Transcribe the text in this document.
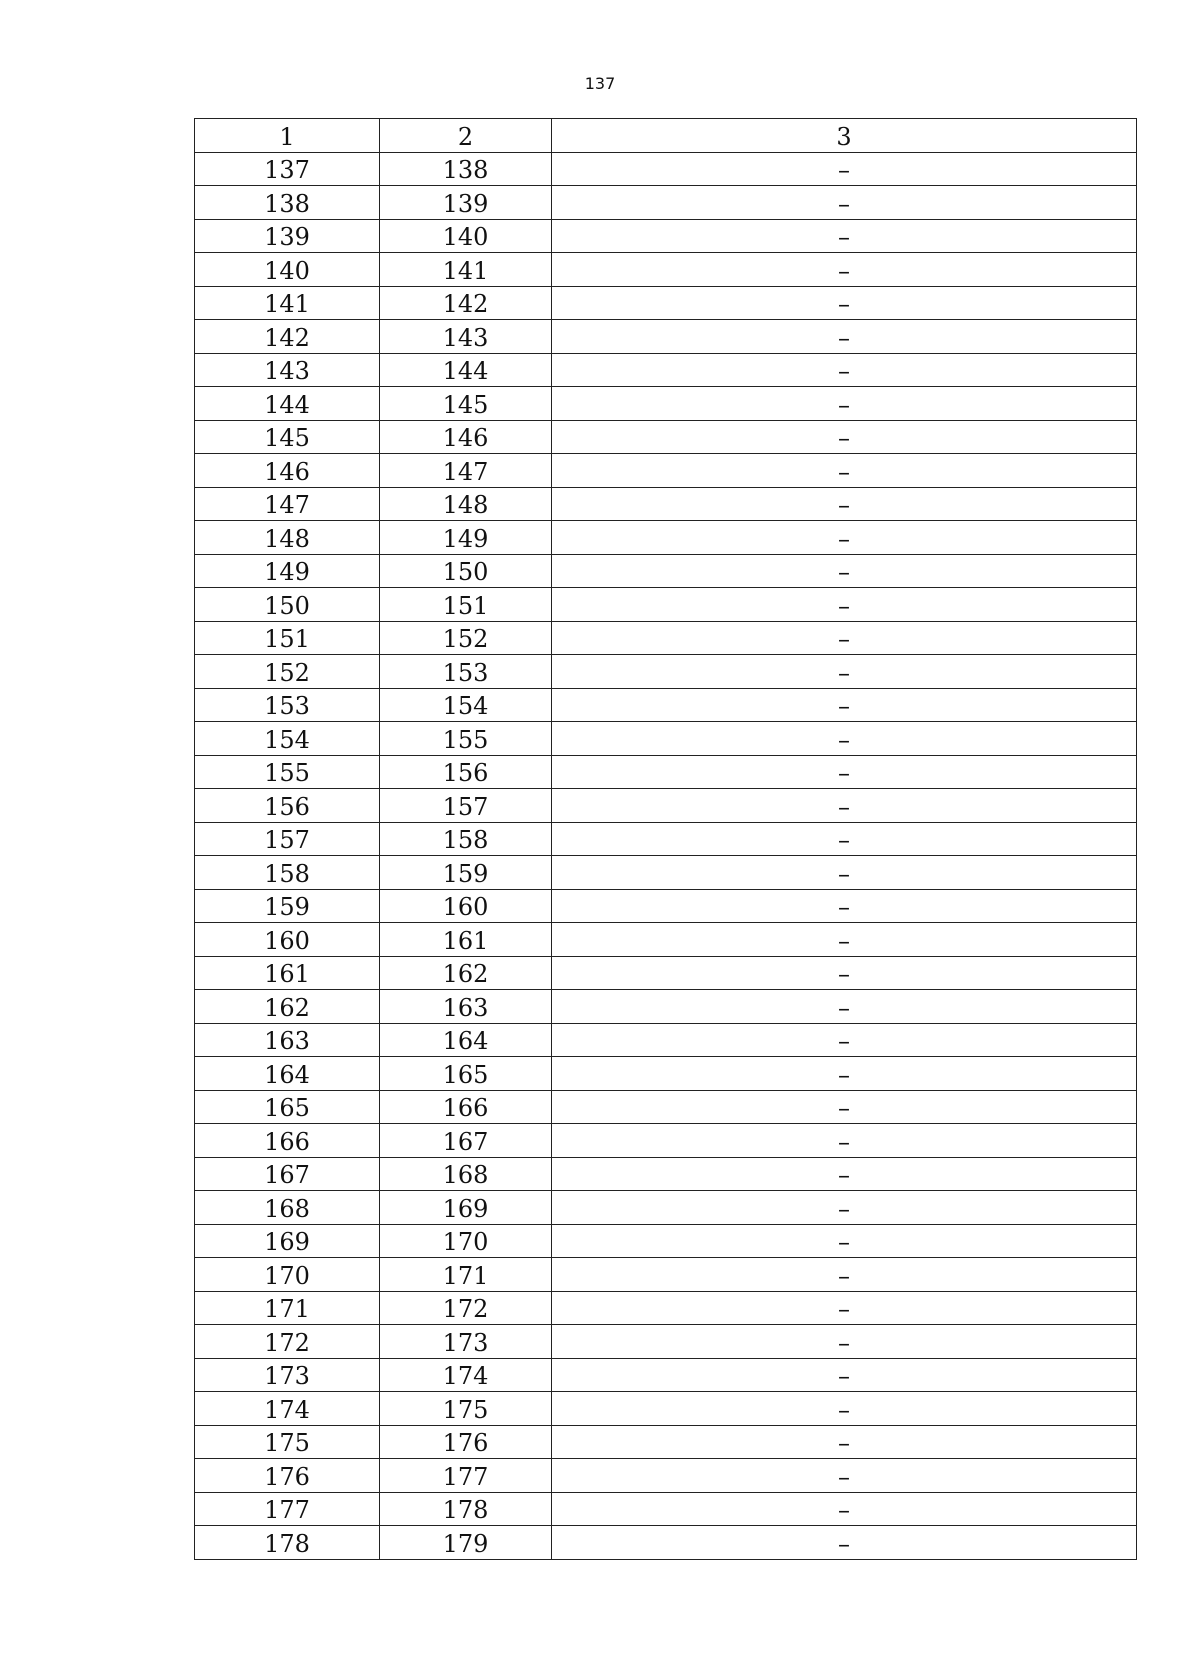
137
1	2	3
137	138	–
138	139	–
139	140	–
140	141	–
141	142	–
142	143	–
143	144	–
144	145	–
145	146	–
146	147	–
147	148	–
148	149	–
149	150	–
150	151	–
151	152	–
152	153	–
153	154	–
154	155	–
155	156	–
156	157	–
157	158	–
158	159	–
159	160	–
160	161	–
161	162	–
162	163	–
163	164	–
164	165	–
165	166	–
166	167	–
167	168	–
168	169	–
169	170	–
170	171	–
171	172	–
172	173	–
173	174	–
174	175	–
175	176	–
176	177	–
177	178	–
178	179	–
